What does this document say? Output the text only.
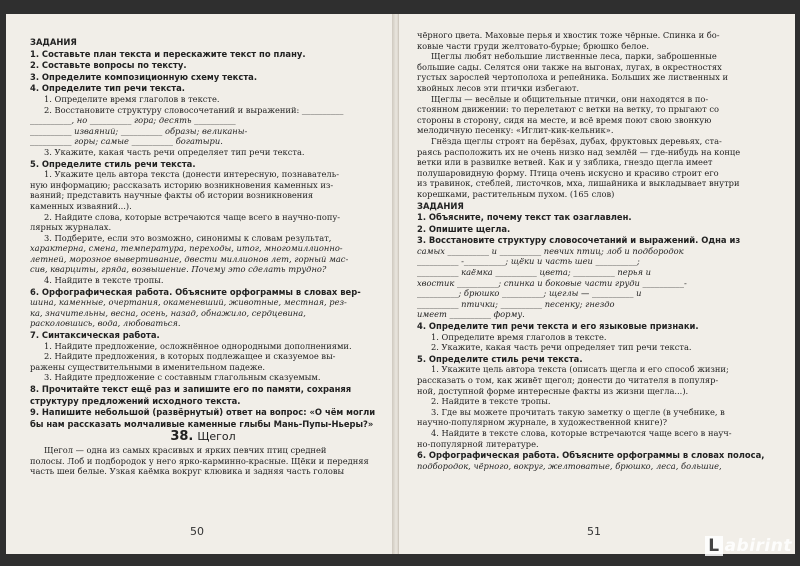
ЗАДАНИЯ

1. Составьте план текста и перескажите текст по плану.

2. Составьте вопросы по тексту.

3. Определите композиционную схему текста.

4. Определите тип речи текста.

1. Определите время глаголов в тексте.

2. Восстановите структуру словосочетаний и выражений: __________

__________, но __________ гора; десять __________

__________ изваяний; __________ образы; великаны-

__________ горы; самые __________ богатыри.

3. Укажите, какая часть речи определяет тип речи текста.

5. Определите стиль речи текста.

1. Укажите цель автора текста (донести интересную, познаватель-

ную информацию; рассказать историю возникновения каменных из-

ваяний; представить научные факты об истории возникновения

каменных изваяний...).

2. Найдите слова, которые встречаются чаще всего в научно-попу-

лярных журналах.

3. Подберите, если это возможно, синонимы к словам результат,

характерна, смена, температура, переходы, итог, многомиллионно-

летней, морозное вывертивание, двести миллионов лет, горный мас-

сив, кварциты, гряда, возвышение. Почему это сделать трудно?

4. Найдите в тексте тропы.

6. Орфографическая работа. Объясните орфограммы в словах вер-

шина, каменные, очертания, окаменевший, животные, местная, рез-

ка, значительны, весна, осень, назад, обнажило, сердцевина,

расколовшись, вода, любоваться.

7. Синтаксическая работа.

1. Найдите предложение, осложнённое однородными дополнениями.

2. Найдите предложения, в которых подлежащее и сказуемое вы-

ражены существительными в именительном падеже.

3. Найдите предложение с составным глагольным сказуемым.

8. Прочитайте текст ещё раз и запишите его по памяти, сохраняя

структуру предложений исходного текста.

9. Напишите небольшой (развёрнутый) ответ на вопрос: «О чём могли

бы нам рассказать молчаливые каменные глыбы Мань-Пупы-Ньеры?»

38. Щегол

Щегол — одна из самых красивых и ярких певчих птиц средней

полосы. Лоб и подбородок у него ярко-карминно-красные. Щёки и передняя

часть шеи белые. Узкая каёмка вокруг клювика и задняя часть головы

50

чёрного цвета. Маховые перья и хвостик тоже чёрные. Спинка и бо-

ковые части груди желтовато-бурые; брюшко белое.

Щеглы любят небольшие лиственные леса, парки, заброшенные

большие сады. Селятся они также на выгонах, лугах, в окрестностях

густых зарослей чертополоха и репейника. Больших же лиственных и

хвойных лесов эти птички избегают.

Щеглы — весёлые и общительные птички, они находятся в по-

стоянном движении: то перелетают с ветки на ветку, то прыгают со

стороны в сторону, сидя на месте, и всё время поют свою звонкую

мелодичную песенку: «Иглит-кик-кельник».

Гнёзда щеглы строят на берёзах, дубах, фруктовых деревьях, ста-

раясь расположить их не очень низко над землёй — где-нибудь на конце

ветки или в развилке ветвей. Как и у зяблика, гнездо щегла имеет

полушаровидную форму. Птица очень искусно и красиво строит его

из травинок, стеблей, листочков, мха, лишайника и выкладывает внутри

корешками, растительным пухом. (165 слов)

ЗАДАНИЯ

1. Объясните, почему текст так озаглавлен.

2. Опишите щегла.

3. Восстановите структуру словосочетаний и выражений. Одна из

самых __________ и __________ певчих птиц; лоб и подбородок

__________ -__________; щёки и часть шеи __________;

__________ каёмка __________ цвета; __________ перья и

хвостик __________; спинка и боковые части груди __________-

__________; брюшко __________; щеглы — __________ и

__________ птички; __________ песенку; гнездо

имеет __________ форму.

4. Определите тип речи текста и его языковые признаки.

1. Определите время глаголов в тексте.

2. Укажите, какая часть речи определяет тип речи текста.

5. Определите стиль речи текста.

1. Укажите цель автора текста (описать щегла и его способ жизни;

рассказать о том, как живёт щегол; донести до читателя в популяр-

ной, доступной форме интересные факты из жизни щегла...).

2. Найдите в тексте тропы.

3. Где вы можете прочитать такую заметку о щегле (в учебнике, в

научно-популярном журнале, в художественной книге)?

4. Найдите в тексте слова, которые встречаются чаще всего в науч-

но-популярной литературе.

6. Орфографическая работа. Объясните орфограммы в словах полоса,

подбородок, чёрного, вокруг, желтоватые, брюшко, леса, большие,

51
L abirint
